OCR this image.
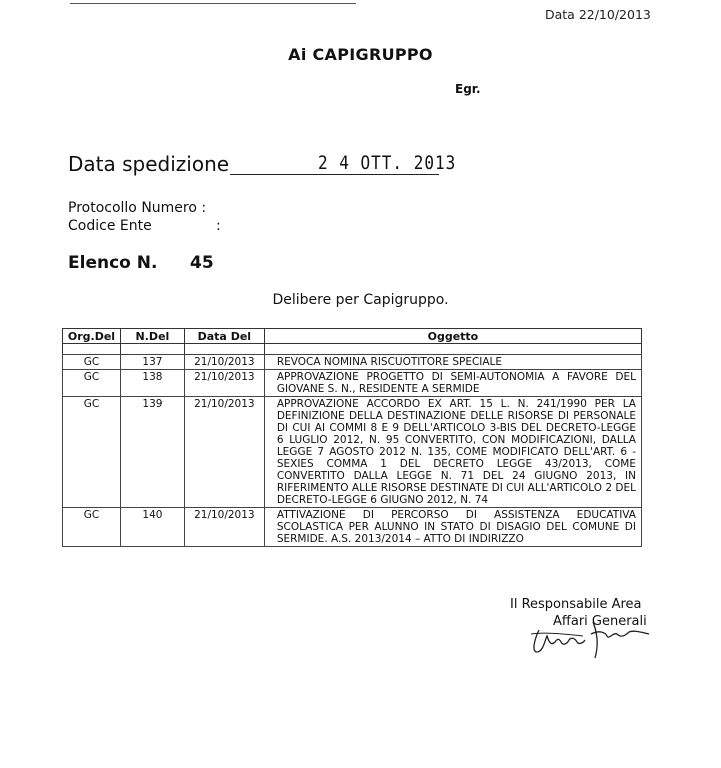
Data 22/10/2013
Ai CAPIGRUPPO
Egr.
Data spedizione	2 4 OTT. 2013
Protocollo Numero :
Codice Ente	:
Elenco N. 45
Delibere per Capigruppo.
Org.Del	N.Del	Data Del	Oggetto

GC	137	21/10/2013	REVOCA NOMINA RISCUOTITORE SPECIALE
GC	138	21/10/2013	APPROVAZIONE PROGETTO DI SEMI-AUTONOMIA A FAVORE DEL GIOVANE S. N., RESIDENTE A SERMIDE
GC	139	21/10/2013	APPROVAZIONE ACCORDO EX ART. 15 L. N. 241/1990 PER LA DEFINIZIONE DELLA DESTINAZIONE DELLE RISORSE DI PERSONALE DI CUI AI COMMI 8 E 9 DELL'ARTICOLO 3-BIS DEL DECRETO-LEGGE 6 LUGLIO 2012, N. 95 CONVERTITO, CON MODIFICAZIONI, DALLA LEGGE 7 AGOSTO 2012 N. 135, COME MODIFICATO DELL'ART. 6 - SEXIES COMMA 1 DEL DECRETO LEGGE 43/2013, COME CONVERTITO DALLA LEGGE N. 71 DEL 24 GIUGNO 2013, IN RIFERIMENTO ALLE RISORSE DESTINATE DI CUI ALL'ARTICOLO 2 DEL DECRETO-LEGGE 6 GIUGNO 2012, N. 74
GC	140	21/10/2013	ATTIVAZIONE DI PERCORSO DI ASSISTENZA EDUCATIVA SCOLASTICA PER ALUNNO IN STATO DI DISAGIO DEL COMUNE DI SERMIDE. A.S. 2013/2014 – ATTO DI INDIRIZZO
Il Responsabile Area
Affari Generali
